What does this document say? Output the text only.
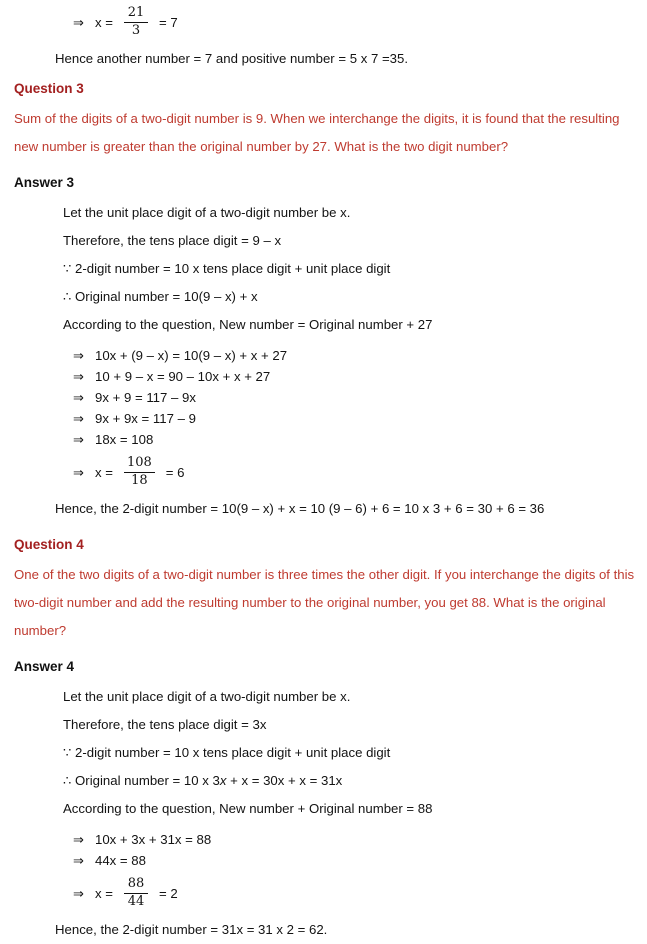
⇒ $x = \frac{21}{3} = 7$

Hence another number = 7 and positive number = 5 x 7 =35.

Question 3

Sum of the digits of a two-digit number is 9. When we interchange the digits, it is found that the resulting new number is greater than the original number by 27. What is the two digit number?

Answer 3

Let the unit place digit of a two-digit number be x.

Therefore, the tens place digit = 9 – x

∵ 2-digit number = 10 x tens place digit + unit place digit

∴ Original number = 10(9 – x) + x

According to the question, New number = Original number + 27

⇒ 10x + (9 – x) = 10(9 – x) + x + 27
⇒ 10 + 9 – x = 90 – 10x + x + 27
⇒ 9x + 9 = 117 – 9x
⇒ 9x + 9x = 117 – 9
⇒ 18x = 108
⇒ $x = \frac{108}{18} = 6$

Hence, the 2-digit number = 10(9 – x) + x = 10 (9 – 6) + 6 = 10 x 3 + 6 = 30 + 6 = 36

Question 4

One of the two digits of a two-digit number is three times the other digit. If you interchange the digits of this two-digit number and add the resulting number to the original number, you get 88. What is the original number?

Answer 4

Let the unit place digit of a two-digit number be x.

Therefore, the tens place digit = 3x

∵ 2-digit number = 10 x tens place digit + unit place digit

∴ Original number = 10 x 3x + x = 30x + x = 31x

According to the question, New number + Original number = 88

⇒ 10x + 3x + 31x = 88
⇒ 44x = 88
⇒ $x = \frac{88}{44} = 2$

Hence, the 2-digit number = 31x = 31 x 2 = 62.
